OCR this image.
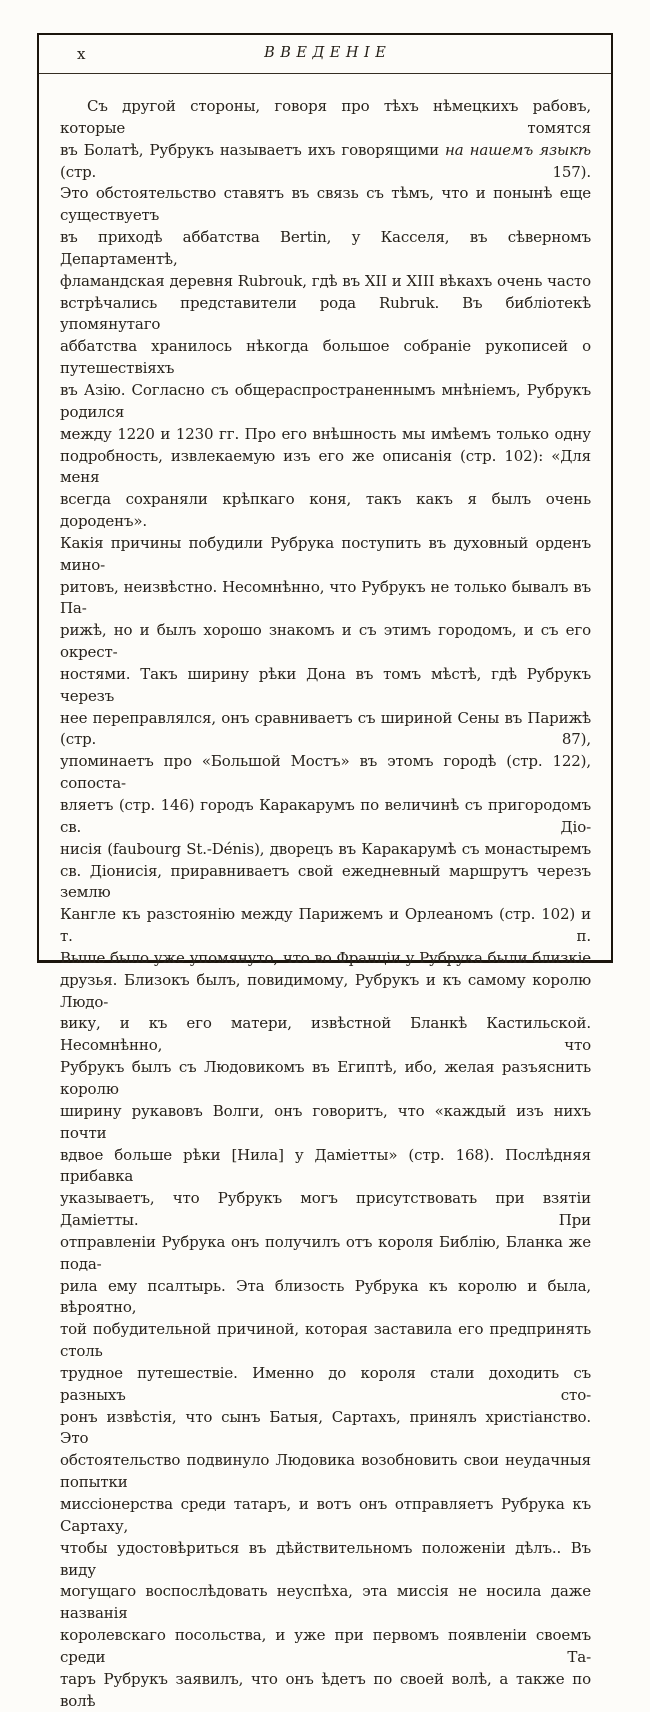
x	ВВЕДЕНІЕ
Съ другой стороны, говоря про тѣхъ нѣмецкихъ рабовъ, которые томятся
въ Болатѣ, Рубрукъ называетъ ихъ говорящими на нашемъ языкѣ (стр. 157).
Это обстоятельство ставятъ въ связь съ тѣмъ, что и понынѣ еще существуетъ
въ приходѣ аббатства Bertin, у Касселя, въ сѣверномъ Департаментѣ,
фламандская деревня Rubrouk, гдѣ въ XII и XIII вѣкахъ очень часто
встрѣчались представители рода Rubruk. Въ библіотекѣ упомянутаго
аббатства хранилось нѣкогда большое собраніе рукописей о путешествіяхъ
въ Азію. Согласно съ общераспространеннымъ мнѣніемъ, Рубрукъ родился
между 1220 и 1230 гг. Про его внѣшность мы имѣемъ только одну
подробность, извлекаемую изъ его же описанія (стр. 102): «Для меня
всегда сохраняли крѣпкаго коня, такъ какъ я былъ очень дороденъ».
Какія причины побудили Рубрука поступить въ духовный орденъ мино-
ритовъ, неизвѣстно. Несомнѣнно, что Рубрукъ не только бывалъ въ Па-
рижѣ, но и былъ хорошо знакомъ и съ этимъ городомъ, и съ его окрест-
ностями. Такъ ширину рѣки Дона въ томъ мѣстѣ, гдѣ Рубрукъ черезъ
нее переправлялся, онъ сравниваетъ съ шириной Сены въ Парижѣ (стр. 87),
упоминаетъ про «Большой Мостъ» въ этомъ городѣ (стр. 122), сопоста-
вляетъ (стр. 146) городъ Каракарумъ по величинѣ съ пригородомъ св. Діо-
нисія (faubourg St.-Dénis), дворецъ въ Каракарумѣ съ монастыремъ
св. Діонисія, приравниваетъ свой ежедневный маршрутъ черезъ землю
Кангле къ разстоянію между Парижемъ и Орлеаномъ (стр. 102) и т. п.
Выше было уже упомянуто, что во Франціи у Рубрука были близкіе
друзья. Близокъ былъ, повидимому, Рубрукъ и къ самому королю Людо-
вику, и къ его матери, извѣстной Бланкѣ Кастильской. Несомнѣнно, что
Рубрукъ былъ съ Людовикомъ въ Египтѣ, ибо, желая разъяснить королю
ширину рукавовъ Волги, онъ говоритъ, что «каждый изъ нихъ почти
вдвое больше рѣки [Нила] у Даміетты» (стр. 168). Послѣдняя прибавка
указываетъ, что Рубрукъ могъ присутствовать при взятіи Даміетты. При
отправленіи Рубрука онъ получилъ отъ короля Библію, Бланка же пода-
рила ему псалтырь. Эта близость Рубрука къ королю и была, вѣроятно,
той побудительной причиной, которая заставила его предпринять столь
трудное путешествіе. Именно до короля стали доходить съ разныхъ сто-
ронъ извѣстія, что сынъ Батыя, Сартахъ, принялъ христіанство. Это
обстоятельство подвинуло Людовика возобновить свои неудачныя попытки
миссіонерства среди татаръ, и вотъ онъ отправляетъ Рубрука къ Сартаху,
чтобы удостовѣриться въ дѣйствительномъ положеніи дѣлъ.. Въ виду
могущаго воспослѣдовать неуспѣха, эта миссія не носила даже названія
королевскаго посольства, и уже при первомъ появленіи своемъ среди Та-
таръ Рубрукъ заявилъ, что онъ ѣдетъ по своей волѣ, а также по волѣ
